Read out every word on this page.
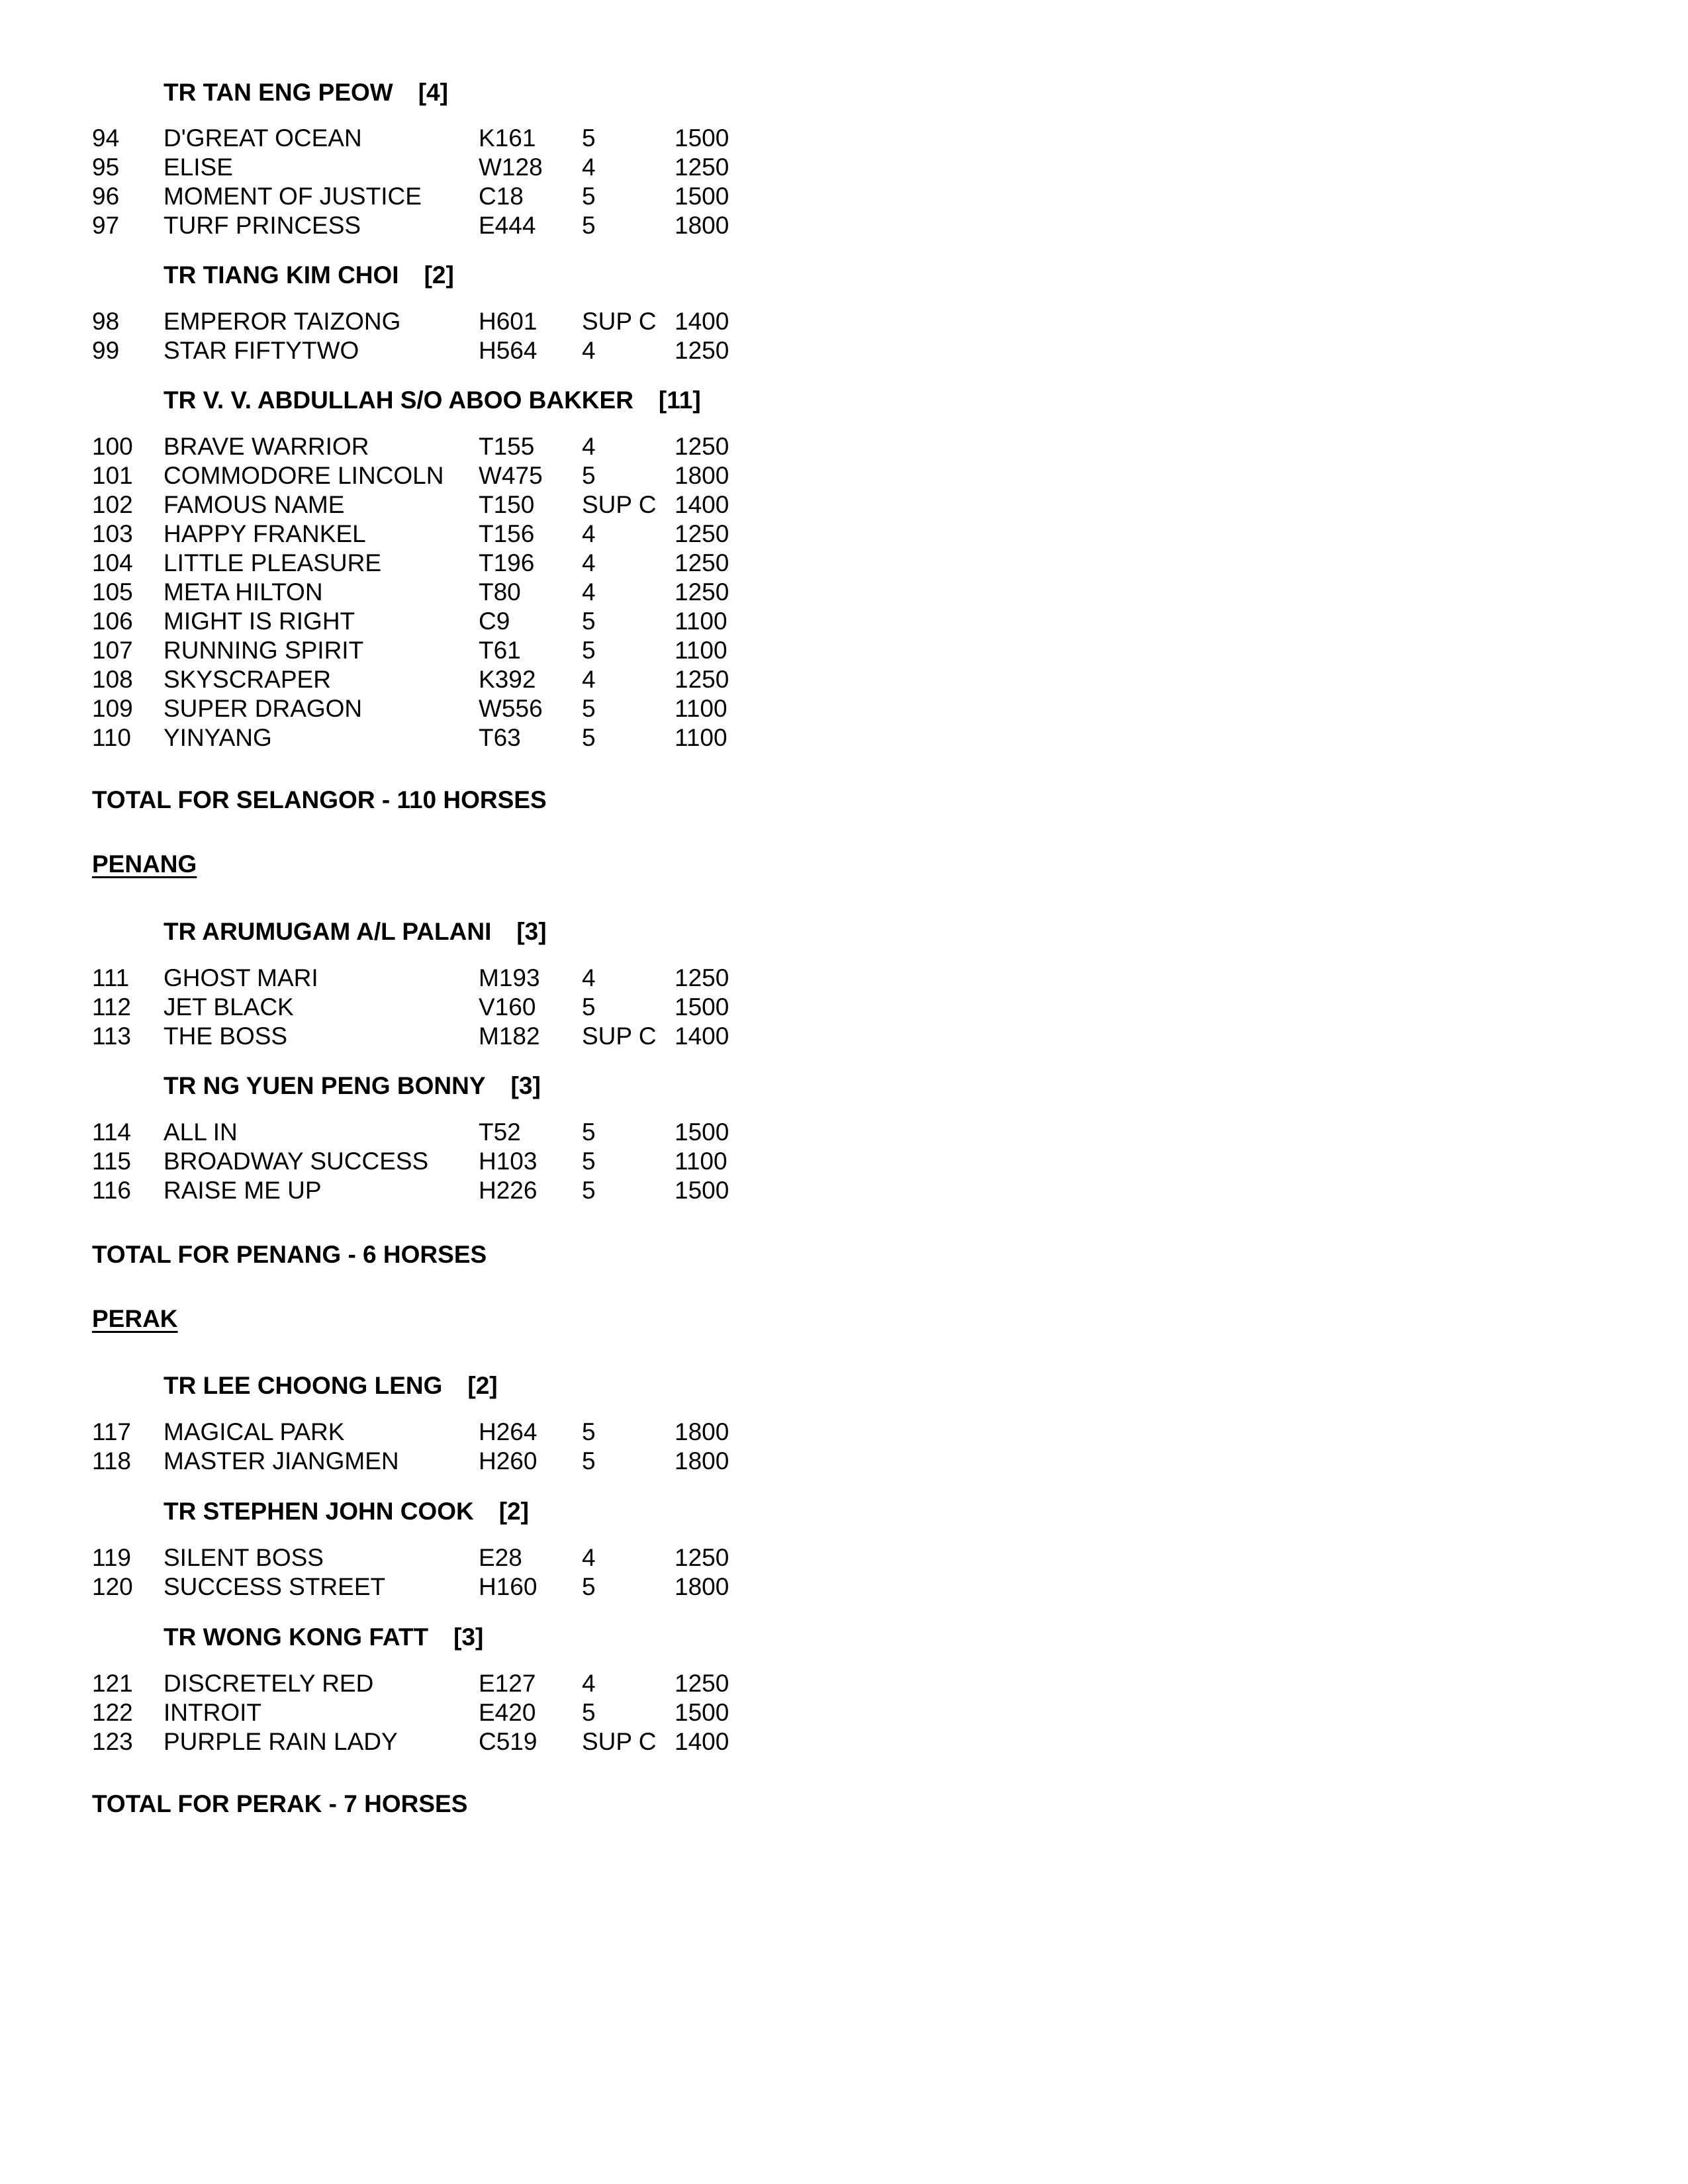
TR TAN ENG PEOW [4]
TR TIANG KIM CHOI [2]
TR V. V. ABDULLAH S/O ABOO BAKKER [11]
TR ARUMUGAM A/L PALANI [3]
TR NG YUEN PENG BONNY [3]
TR LEE CHOONG LENG [2]
TR STEPHEN JOHN COOK [2]
TR WONG KONG FATT [3]
TOTAL FOR SELANGOR - 110 HORSES
PENANG
TOTAL FOR PENANG - 6 HORSES
PERAK
TOTAL FOR PERAK - 7 HORSES
94 D'GREAT OCEAN	K161 5	1500
95 ELISE	W128 4	1250
96 MOMENT OF JUSTICE C18 5	1500
97 TURF PRINCESS	E444 5	1800
98 EMPEROR TAIZONG	H601 SUP C 1400
99 STAR FIFTYTWO	H564 4	1250
100 BRAVE WARRIOR	T155 4	1250
101 COMMODORE LINCOLN W475 5	1800
102 FAMOUS NAME	T150 SUP C 1400
103 HAPPY FRANKEL	T156 4	1250
104 LITTLE PLEASURE	T196 4	1250
105 META HILTON	T80 4	1250
106 MIGHT IS RIGHT	C9	5	1100
107 RUNNING SPIRIT	T61 5	1100
108 SKYSCRAPER	K392 4	1250
109 SUPER DRAGON	W556 5	1100
110 YINYANG	T63 5	1100
111 GHOST MARI	M193 4	1250
112 JET BLACK	V160 5	1500
113 THE BOSS	M182 SUP C 1400
114 ALL IN	T52 5	1500
115 BROADWAY SUCCESS H103 5	1100
116 RAISE ME UP	H226 5	1500
117 MAGICAL PARK	H264 5	1800
118 MASTER JIANGMEN	H260 5	1800
119 SILENT BOSS	E28 4	1250
120 SUCCESS STREET	H160 5	1800
121 DISCRETELY RED	E127 4	1250
122 INTROIT	E420 5	1500
123 PURPLE RAIN LADY	C519 SUP C 1400
